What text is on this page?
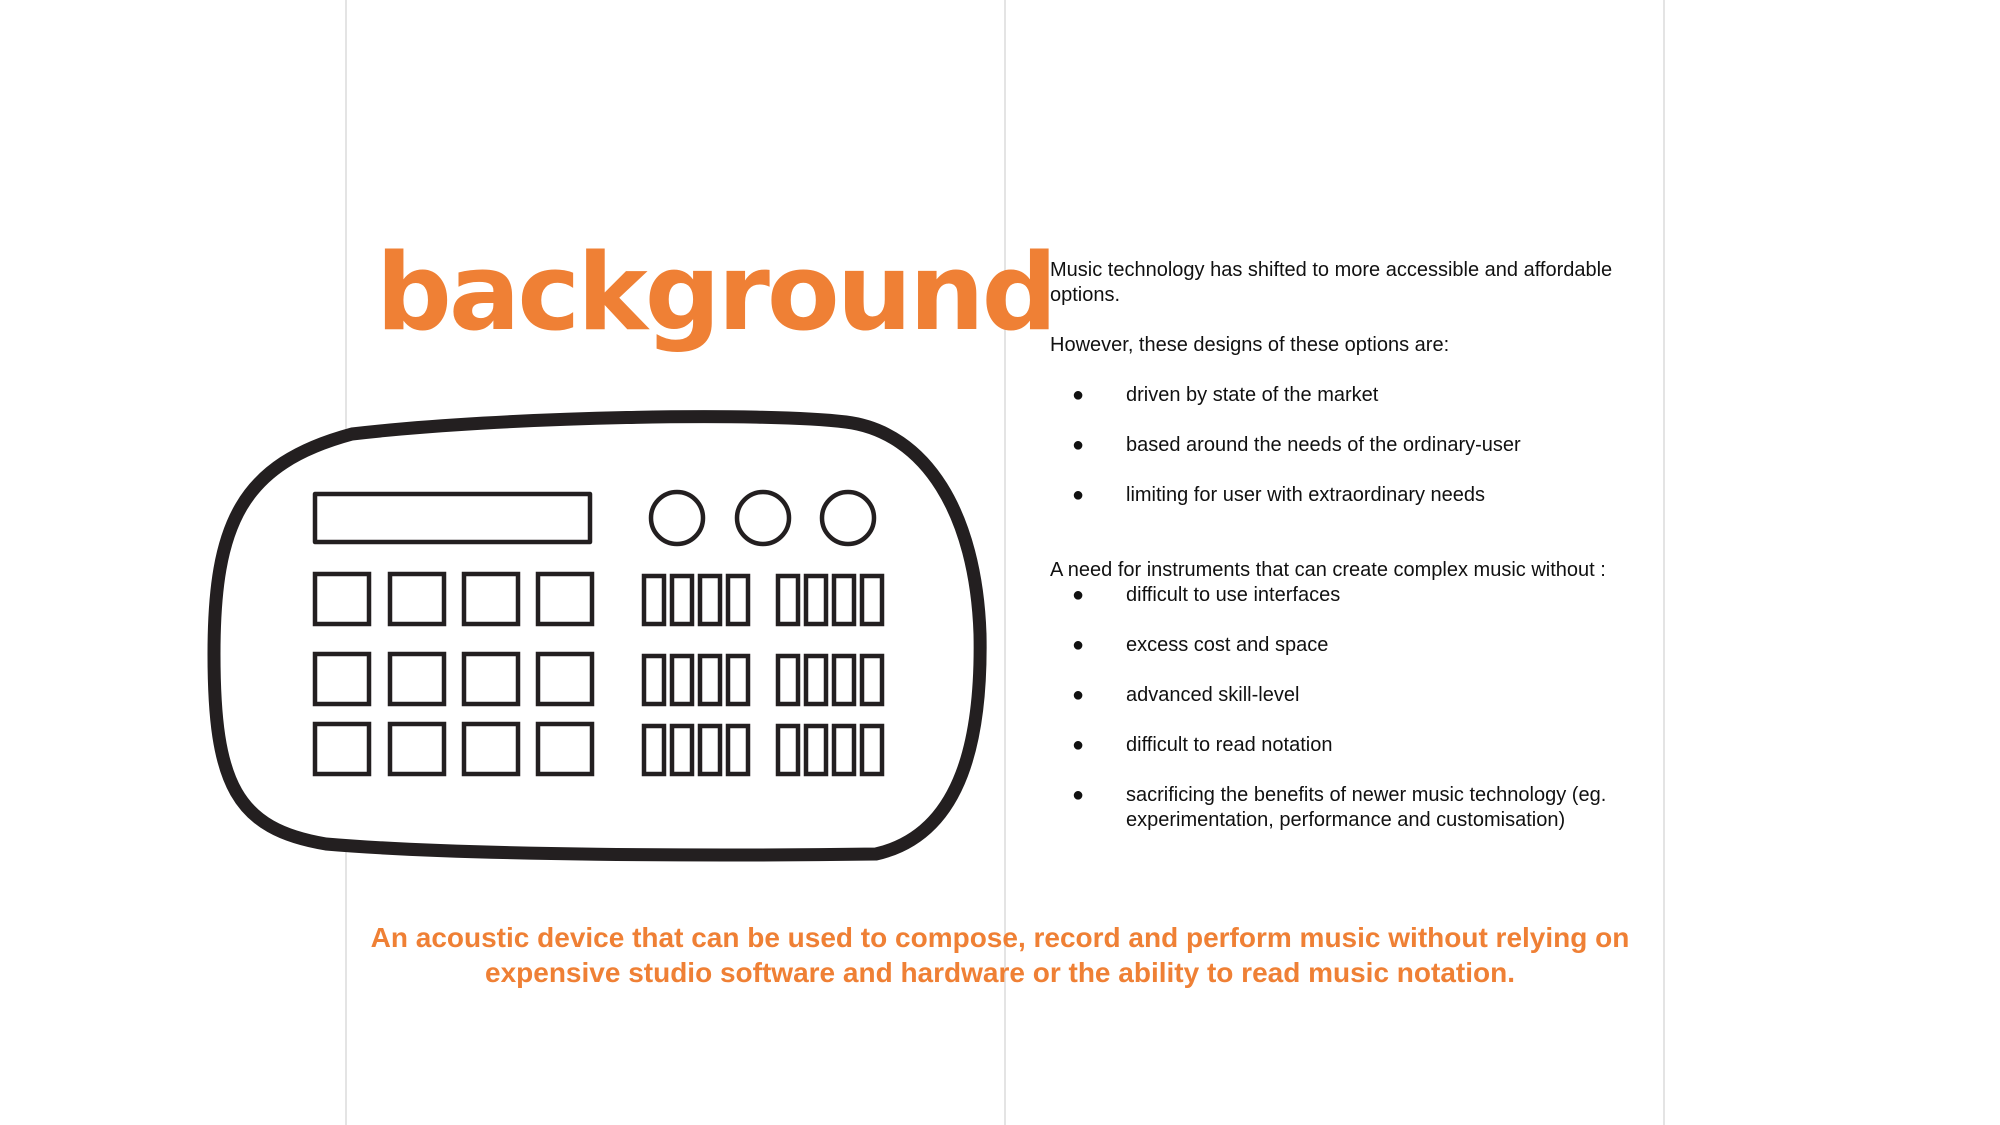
background

Music technology has shifted to more accessible and affordable options.

However, these designs of these options are:

● driven by state of the market
● based around the needs of the ordinary-user
● limiting for user with extraordinary needs

A need for instruments that can create complex music without :

● difficult to use interfaces
● excess cost and space
● advanced skill-level
● difficult to read notation
● sacrificing the benefits of newer music technology (eg. experimentation, performance and customisation)

An acoustic device that can be used to compose, record and perform music without relying on expensive studio software and hardware or the ability to read music notation.
